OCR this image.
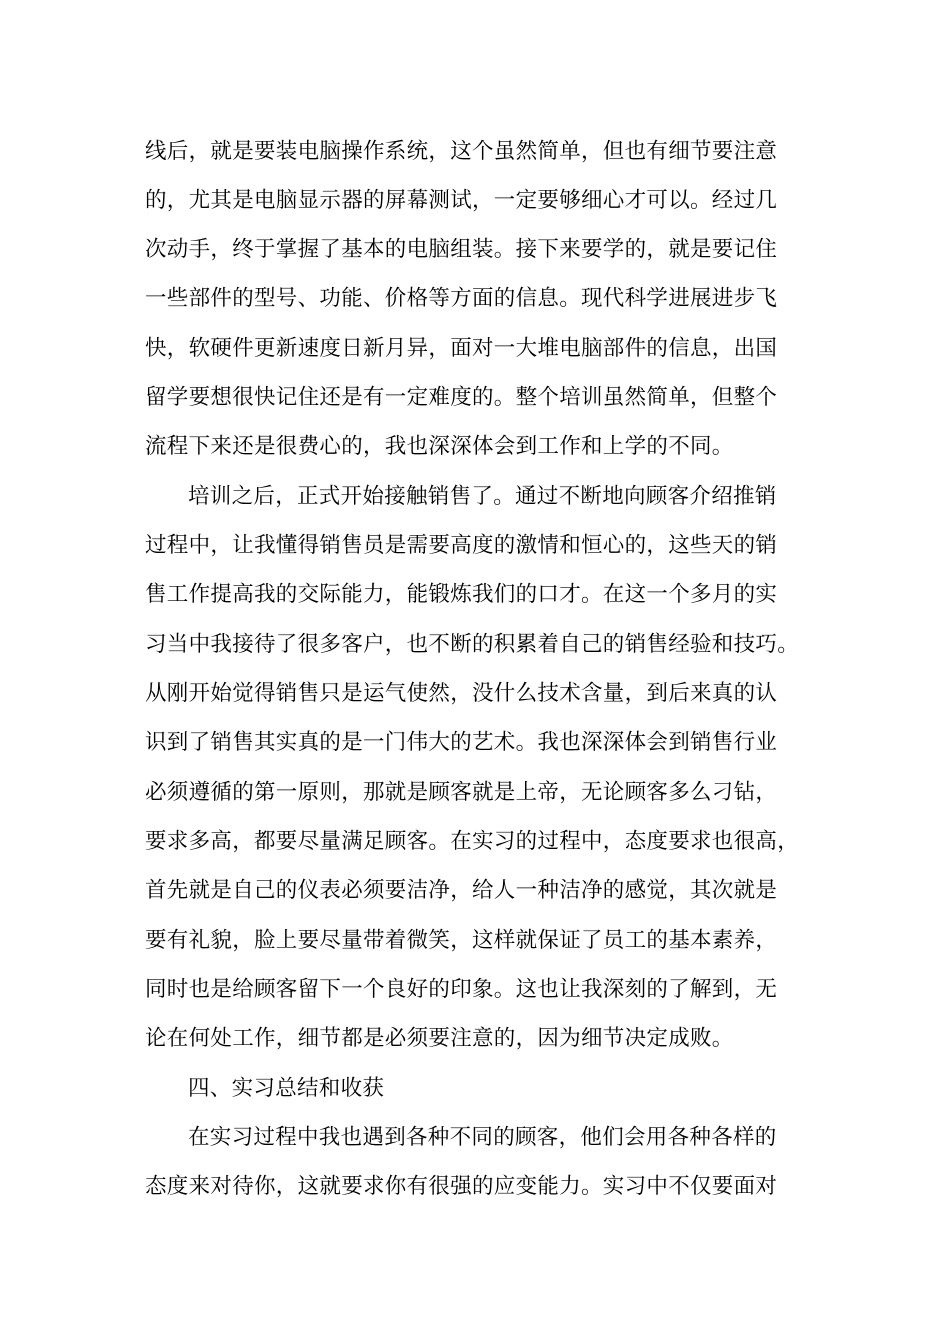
线后，就是要装电脑操作系统，这个虽然简单，但也有细节要注意
的，尤其是电脑显示器的屏幕测试，一定要够细心才可以。经过几
次动手，终于掌握了基本的电脑组装。接下来要学的，就是要记住
一些部件的型号、功能、价格等方面的信息。现代科学进展进步飞
快，软硬件更新速度日新月异，面对一大堆电脑部件的信息，出国
留学要想很快记住还是有一定难度的。整个培训虽然简单，但整个
流程下来还是很费心的，我也深深体会到工作和上学的不同。
培训之后，正式开始接触销售了。通过不断地向顾客介绍推销
过程中，让我懂得销售员是需要高度的激情和恒心的，这些天的销
售工作提高我的交际能力，能锻炼我们的口才。在这一个多月的实
习当中我接待了很多客户，也不断的积累着自己的销售经验和技巧。
从刚开始觉得销售只是运气使然，没什么技术含量，到后来真的认
识到了销售其实真的是一门伟大的艺术。我也深深体会到销售行业
必须遵循的第一原则，那就是顾客就是上帝，无论顾客多么刁钻，
要求多高，都要尽量满足顾客。在实习的过程中，态度要求也很高，
首先就是自己的仪表必须要洁净，给人一种洁净的感觉，其次就是
要有礼貌，脸上要尽量带着微笑，这样就保证了员工的基本素养，
同时也是给顾客留下一个良好的印象。这也让我深刻的了解到，无
论在何处工作，细节都是必须要注意的，因为细节决定成败。
四、实习总结和收获
在实习过程中我也遇到各种不同的顾客，他们会用各种各样的
态度来对待你，这就要求你有很强的应变能力。实习中不仅要面对
